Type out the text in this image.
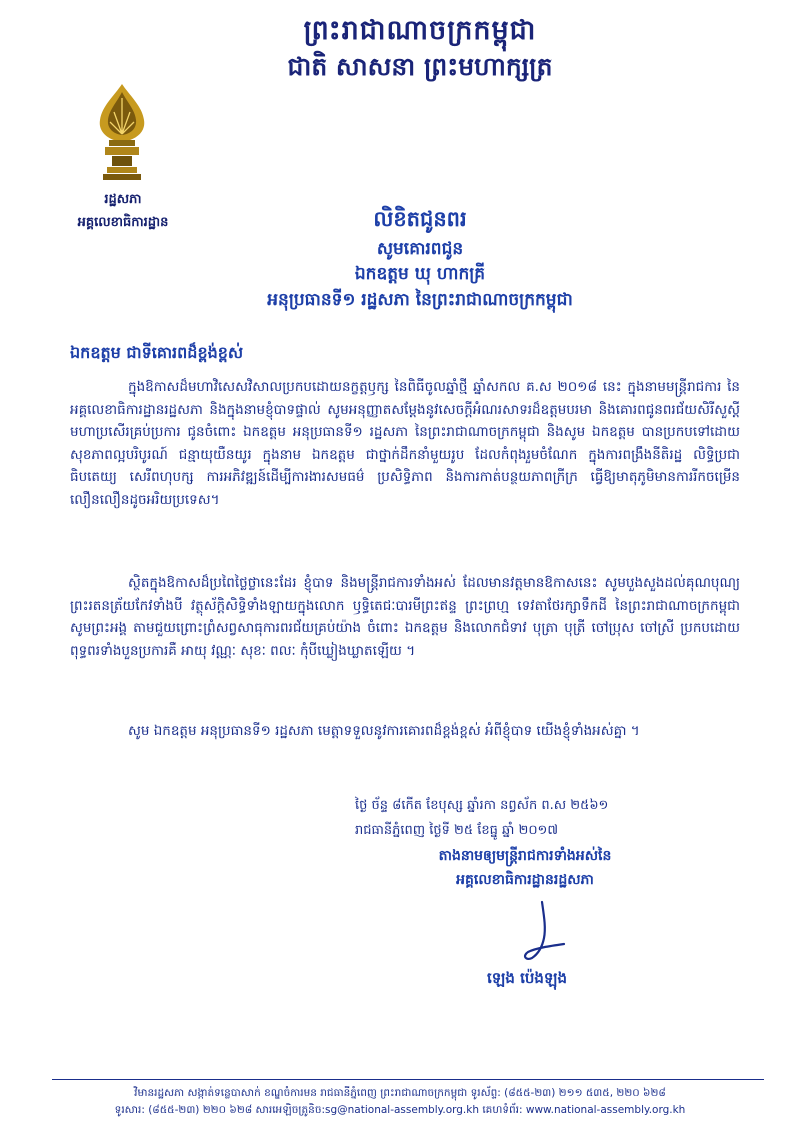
ព្រះរាជាណាចក្រកម្ពុជា
ជាតិ សាសនា ព្រះមហាក្សត្រ
រដ្ឋសភា
អគ្គលេខាធិការដ្ឋាន	លិខិតជូនពរ
សូមគោរពជូន
ឯកឧត្តម ឃុ ហាកគ្រី
អនុប្រធានទី១ រដ្ឋសភា នៃព្រះរាជាណាចក្រកម្ពុជា
ឯកឧត្តម ជាទីគោរពដ៏ខ្ពង់ខ្ពស់
ក្នុងឱកាសដ៏មហាវិសេសវិសាលប្រកបដោយនក្ខត្តឫក្ស នៃពិធីចូលឆ្នាំថ្មី ឆ្នាំសកល គ.ស ២០១៨ នេះ ក្នុងនាមមន្ត្រីរាជការ នៃអគ្គលេខាធិការដ្ឋានរដ្ឋសភា និងក្នុងនាមខ្ញុំបាទផ្ទាល់ សូមអនុញ្ញាតសម្តែងនូវសេចក្តីអំណរសាទរដ៏ឧត្តមបរមា និងគោរពជូនពរជ័យសិរីសួស្តី មហាប្រសើរគ្រប់ប្រការ ជូនចំពោះ ឯកឧត្តម អនុប្រធានទី១ រដ្ឋសភា នៃព្រះរាជាណាចក្រកម្ពុជា និងសូម ឯកឧត្តម បានប្រកបទៅដោយសុខភាពល្អបរិបូរណ៍ ជន្មាយុយឺនយូរ ក្នុងនាម ឯកឧត្តម ជាថ្នាក់ដឹកនាំមួយរូប ដែលកំពុងរួមចំណែក ក្នុងការពង្រឹងនីតិរដ្ឋ លិទ្ធិប្រជាធិបតេយ្យ សេរីពហុបក្ស ការអភិវឌ្ឍន៍ដើម្បីការងារសមធម៌ ប្រសិទ្ធិភាព និងការកាត់បន្ថយភាពក្រីក្រ ធ្វើឱ្យមាតុភូមិមានការរីកចម្រើនលឿនលឿនដូចអរិយប្រទេស។
ស្ថិតក្នុងឱកាសដ៏ប្រពៃថ្លៃថ្លានេះដែរ ខ្ញុំបាទ និងមន្ត្រីរាជការទាំងអស់ ដែលមានវត្តមានឱកាសនេះ សូមបួងសួងដល់គុណបុណ្យ ព្រះរតនត្រ័យកែវទាំងបី វត្ថុស័ក្តិសិទ្ធិទាំងឡាយក្នុងលោក ឫទ្ធិតេជៈបារមីព្រះឥន្ទ ព្រះព្រហ្ម ទេវតាថែរក្សាទឹកដី នៃព្រះរាជាណាចក្រកម្ពុជា សូមព្រះអង្គ តាមជួយព្រោះព្រំសព្វសាធុការពរជ័យគ្រប់យ៉ាង ចំពោះ ឯកឧត្តម និងលោកជំទាវ បុត្រា បុត្រី ចៅប្រុស ចៅស្រី ប្រកបដោយពុទ្ធពរទាំងបួនប្រការគឺ អាយុ វណ្ណៈ សុខៈ ពលៈ កុំបីឃ្លៀងឃ្លាតឡើយ ។
សូម ឯកឧត្តម អនុប្រធានទី១ រដ្ឋសភា មេត្តាទទួលនូវការគោរពដ៏ខ្ពង់ខ្ពស់ អំពីខ្ញុំបាទ យើងខ្ញុំទាំងអស់គ្នា ។
ថ្ងៃ ច័ន្ទ ៨កើត ខែបុស្ស ឆ្នាំរកា នព្វស័ក ព.ស ២៥៦១
រាជធានីភ្នំពេញ ថ្ងៃទី ២៥ ខែធ្នូ ឆ្នាំ ២០១៧
តាងនាមឲ្យមន្ត្រីរាជការទាំងអស់នៃ
អគ្គលេខាធិការដ្ឋានរដ្ឋសភា
ឡេង ប៉េងឡុង
វិមានរដ្ឋសភា សង្កាត់ទន្លេបាសាក់ ខណ្ឌចំការមន រាជធានីភ្នំពេញ ព្រះរាជាណាចក្រកម្ពុជា ទូរស័ព្ទ: (៨៥៥-២៣) ២១១ ៥៣៥, ២២០ ៦២៨
ទូរសារ: (៨៥៥-២៣) ២២០ ៦២៨ សារអេឡិចត្រូនិច:sg@national-assembly.org.kh គេហទំព័រ: www.national-assembly.org.kh
